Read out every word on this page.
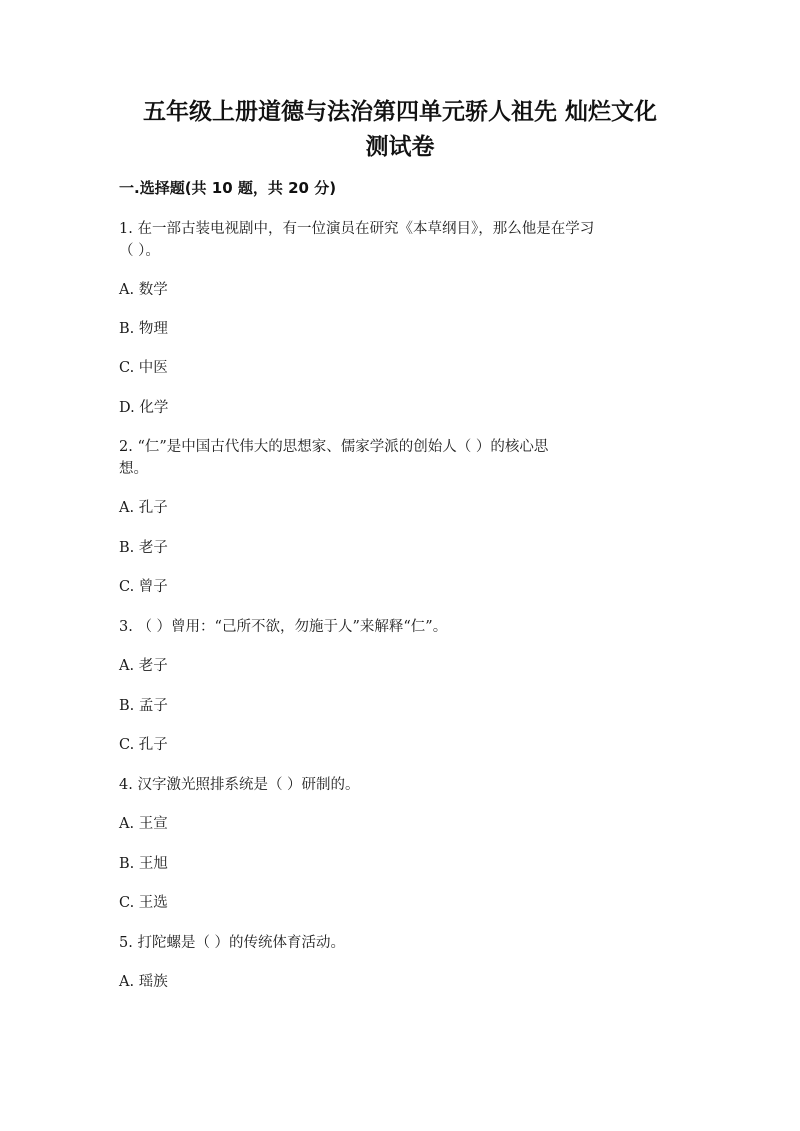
五年级上册道德与法治第四单元骄人祖先 灿烂文化
测试卷
一.选择题(共 10 题，共 20 分)
1. 在一部古装电视剧中，有一位演员在研究《本草纲目》，那么他是在学习
（ ）。
A. 数学
B. 物理
C. 中医
D. 化学
2. “仁”是中国古代伟大的思想家、儒家学派的创始人（ ）的核心思
想。
A. 孔子
B. 老子
C. 曾子
3. （ ）曾用：“己所不欲，勿施于人”来解释“仁”。
A. 老子
B. 孟子
C. 孔子
4. 汉字激光照排系统是（ ）研制的。
A. 王宣
B. 王旭
C. 王选
5. 打陀螺是（ ）的传统体育活动。
A. 瑶族
